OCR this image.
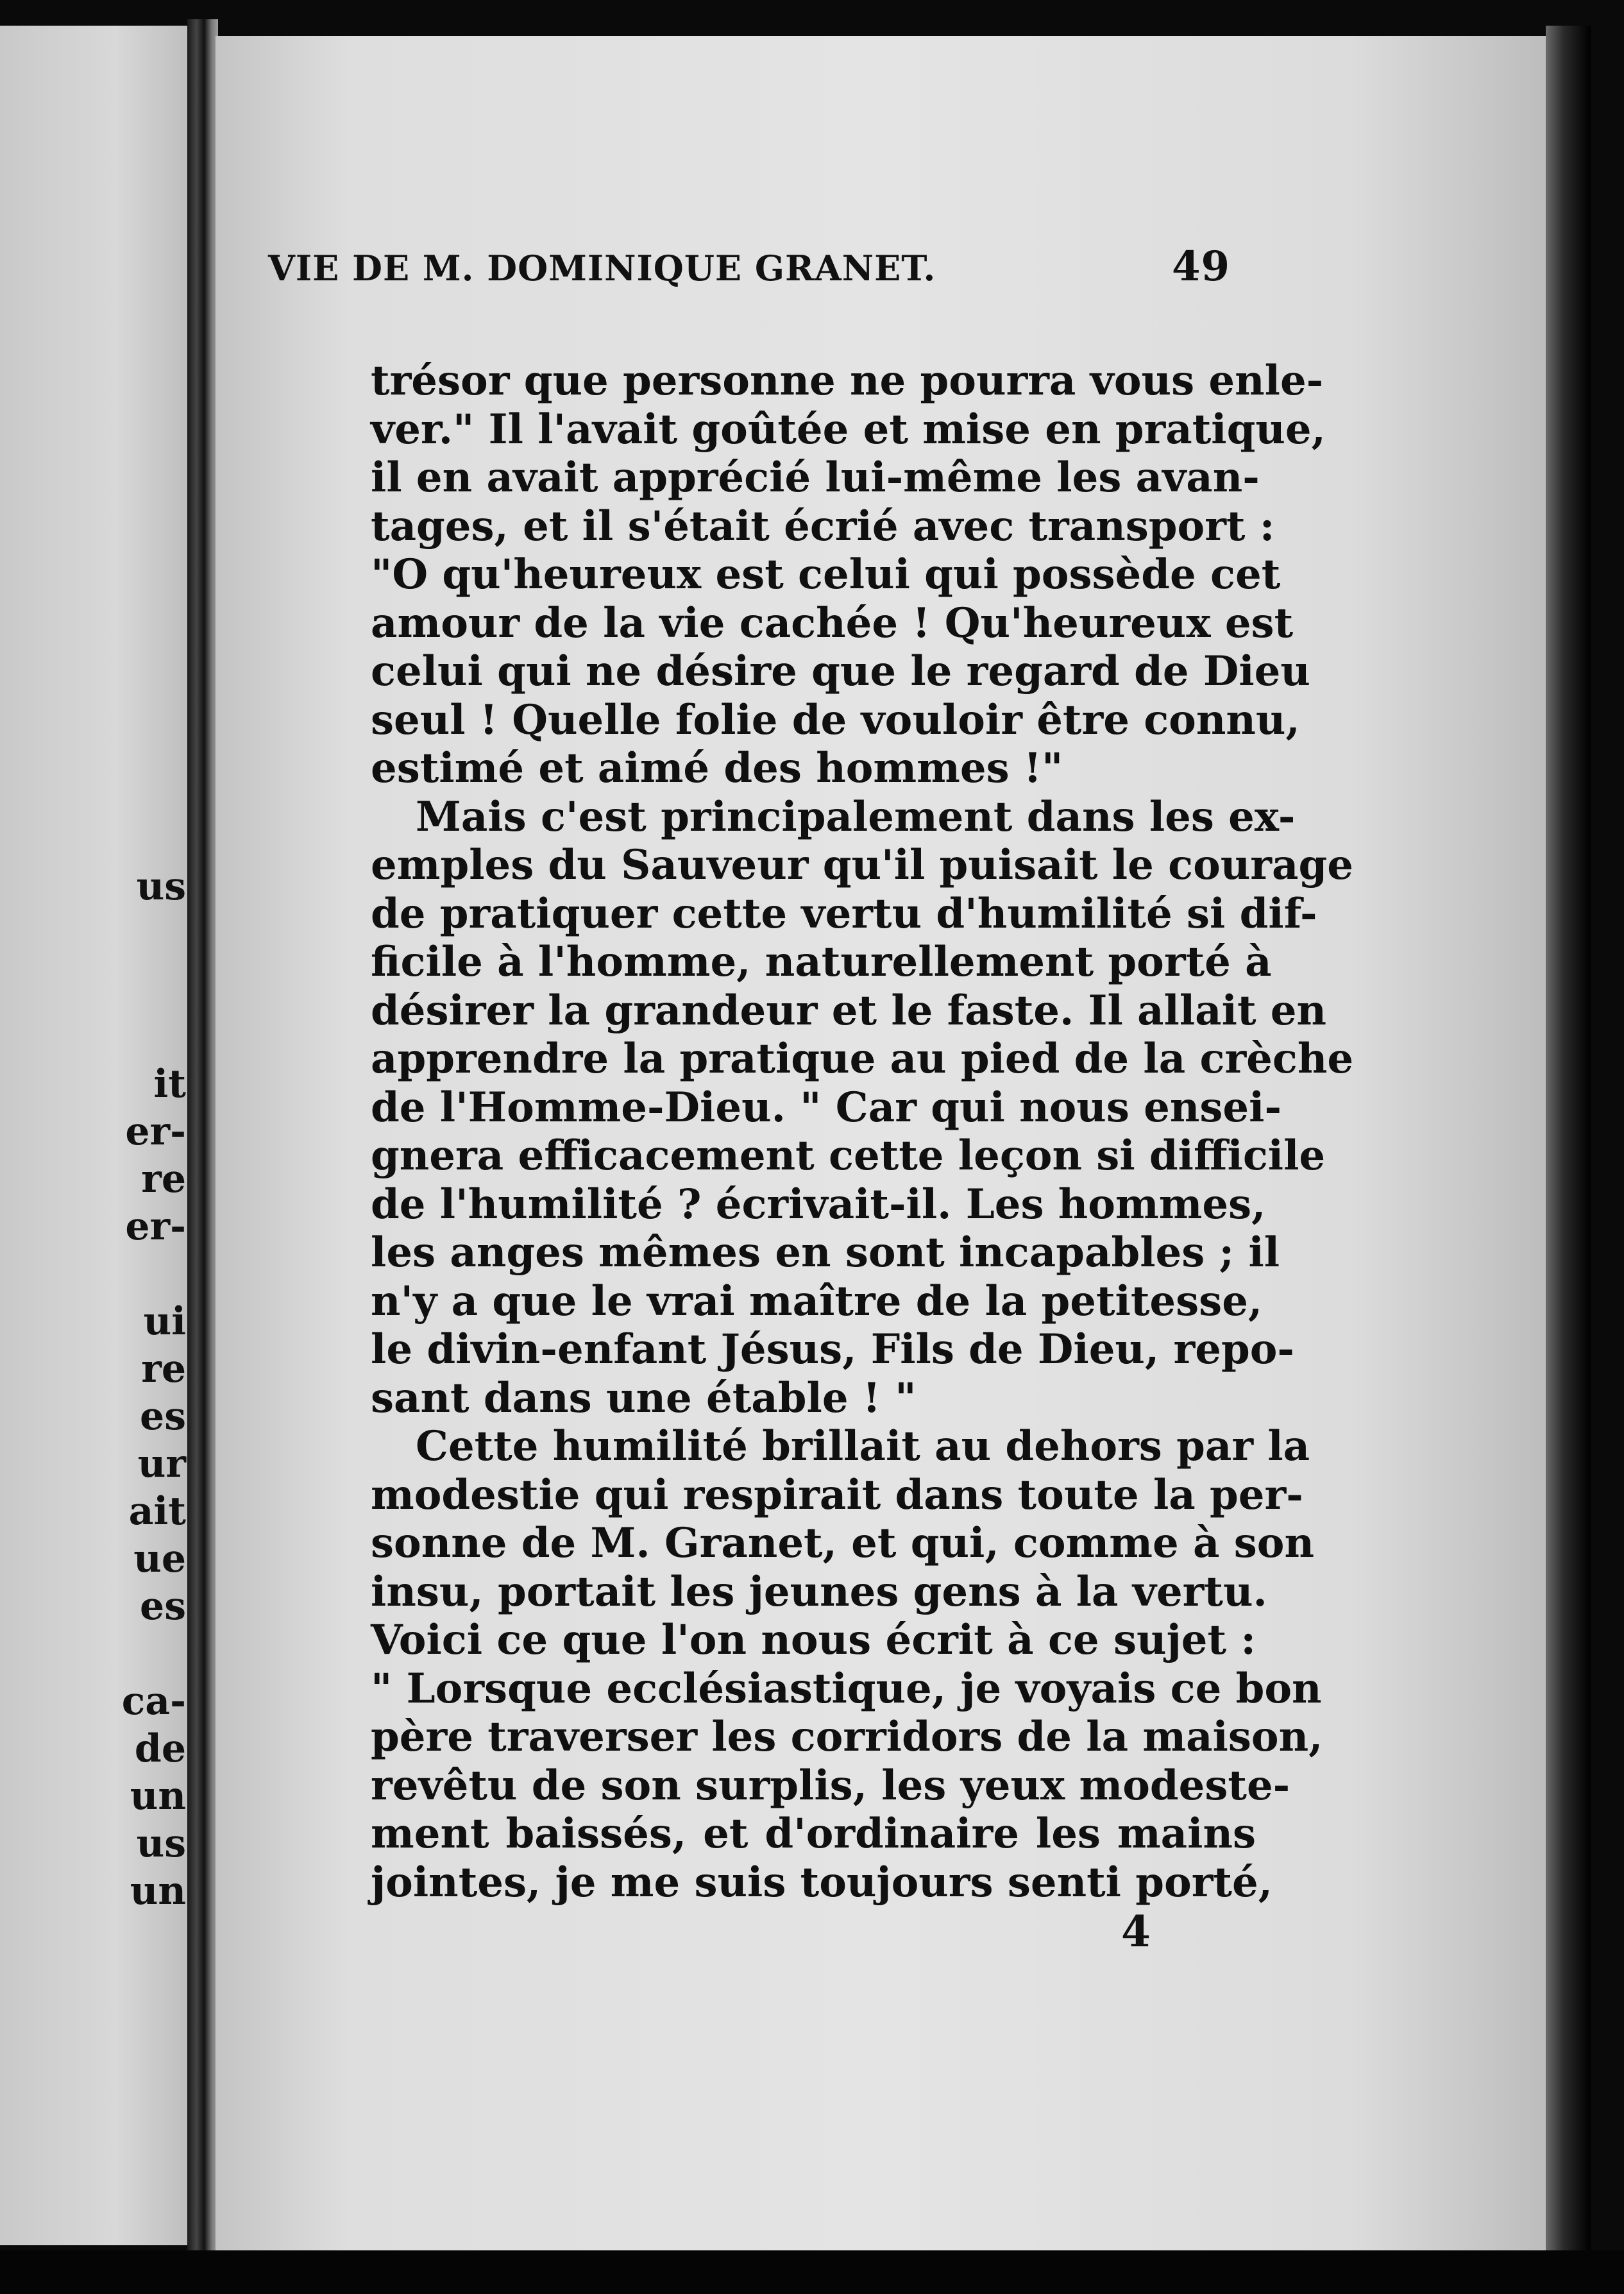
us
it
er-
re
er-
ui
re
es
ur
ait
ue
es
ca-
de
un
us
un
VIE DE M. DOMINIQUE GRANET.	49
trésor que personne ne pourra vous enle-
ver." Il l'avait goûtée et mise en pratique,
il en avait apprécié lui-même les avan-
tages, et il s'était écrié avec transport :
"O qu'heureux est celui qui possède cet
amour de la vie cachée ! Qu'heureux est
celui qui ne désire que le regard de Dieu
seul ! Quelle folie de vouloir être connu,
estimé et aimé des hommes !"
Mais c'est principalement dans les ex-
emples du Sauveur qu'il puisait le courage
de pratiquer cette vertu d'humilité si dif-
ficile à l'homme, naturellement porté à
désirer la grandeur et le faste. Il allait en
apprendre la pratique au pied de la crèche
de l'Homme-Dieu. " Car qui nous ensei-
gnera efficacement cette leçon si difficile
de l'humilité ? écrivait-il. Les hommes,
les anges mêmes en sont incapables ; il
n'y a que le vrai maître de la petitesse,
le divin-enfant Jésus, Fils de Dieu, repo-
sant dans une étable ! "
Cette humilité brillait au dehors par la
modestie qui respirait dans toute la per-
sonne de M. Granet, et qui, comme à son
insu, portait les jeunes gens à la vertu.
Voici ce que l'on nous écrit à ce sujet :
" Lorsque ecclésiastique, je voyais ce bon
père traverser les corridors de la maison,
revêtu de son surplis, les yeux modeste-
ment baissés, et d'ordinaire les mains
jointes, je me suis toujours senti porté,
4
